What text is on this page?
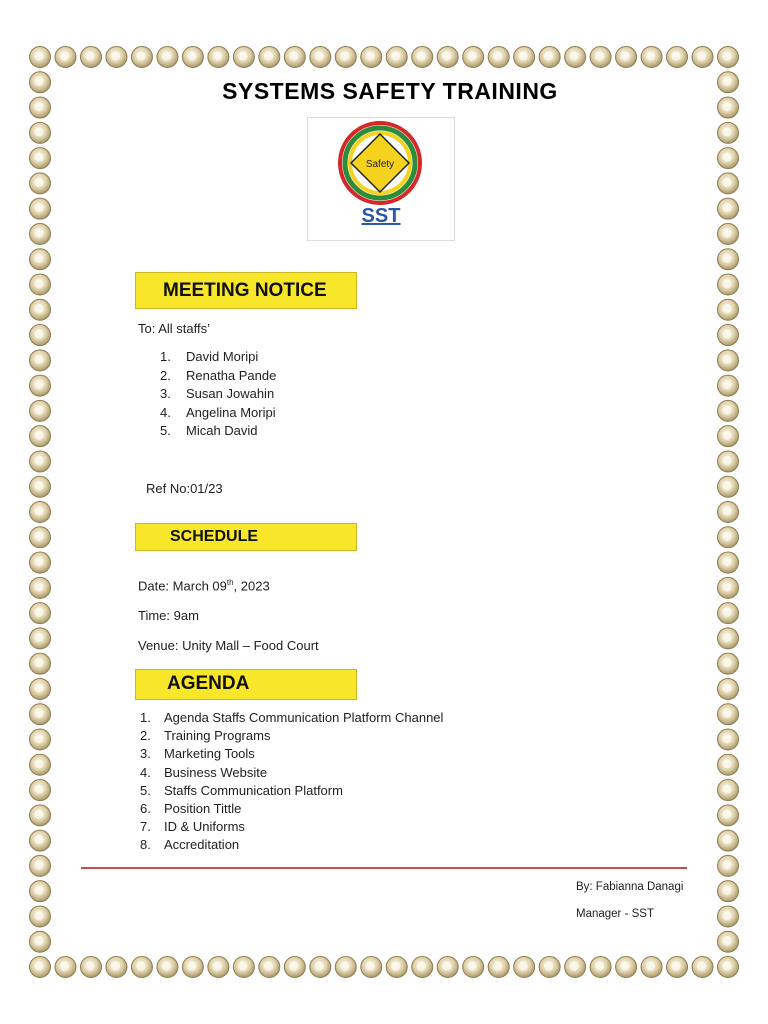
SYSTEMS SAFETY TRAINING
Safety
SST
MEETING NOTICE
To: All staffs’
1. David Moripi
2. Renatha Pande
3. Susan Jowahin
4. Angelina Moripi
5. Micah David
Ref No:01/23
SCHEDULE
Date: March 09th, 2023
Time: 9am
Venue: Unity Mall – Food Court
AGENDA
1. Agenda Staffs Communication Platform Channel
2. Training Programs
3. Marketing Tools
4. Business Website
5. Staffs Communication Platform
6. Position Tittle
7. ID & Uniforms
8. Accreditation
By: Fabianna Danagi
Manager - SST
